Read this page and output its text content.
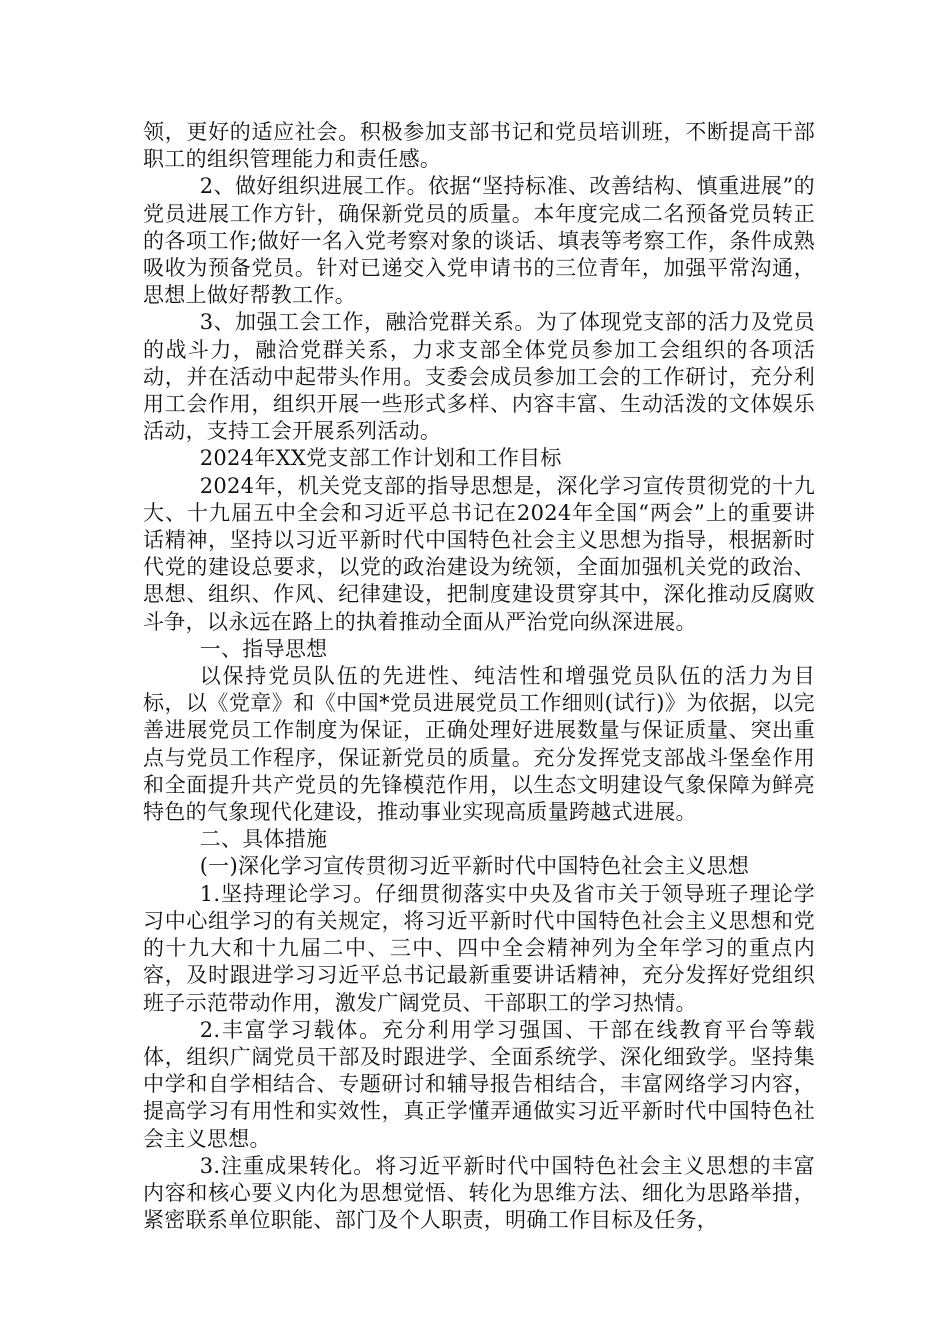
领，更好的适应社会。积极参加支部书记和党员培训班，不断提高干部职工的组织管理能力和责任感。

2、做好组织进展工作。依据“坚持标准、改善结构、慎重进展”的党员进展工作方针，确保新党员的质量。本年度完成二名预备党员转正的各项工作;做好一名入党考察对象的谈话、填表等考察工作，条件成熟吸收为预备党员。针对已递交入党申请书的三位青年，加强平常沟通，思想上做好帮教工作。

3、加强工会工作，融洽党群关系。为了体现党支部的活力及党员的战斗力，融洽党群关系，力求支部全体党员参加工会组织的各项活动，并在活动中起带头作用。支委会成员参加工会的工作研讨，充分利用工会作用，组织开展一些形式多样、内容丰富、生动活泼的文体娱乐活动，支持工会开展系列活动。

2024年XX党支部工作计划和工作目标

2024年，机关党支部的指导思想是，深化学习宣传贯彻党的十九大、十九届五中全会和习近平总书记在2024年全国“两会”上的重要讲话精神，坚持以习近平新时代中国特色社会主义思想为指导，根据新时代党的建设总要求，以党的政治建设为统领，全面加强机关党的政治、思想、组织、作风、纪律建设，把制度建设贯穿其中，深化推动反腐败斗争，以永远在路上的执着推动全面从严治党向纵深进展。

一、指导思想

以保持党员队伍的先进性、纯洁性和增强党员队伍的活力为目标，以《党章》和《中国*党员进展党员工作细则(试行)》为依据，以完善进展党员工作制度为保证，正确处理好进展数量与保证质量、突出重点与党员工作程序，保证新党员的质量。充分发挥党支部战斗堡垒作用和全面提升共产党员的先锋模范作用，以生态文明建设气象保障为鲜亮特色的气象现代化建设，推动事业实现高质量跨越式进展。

二、具体措施

(一)深化学习宣传贯彻习近平新时代中国特色社会主义思想

1.坚持理论学习。仔细贯彻落实中央及省市关于领导班子理论学习中心组学习的有关规定，将习近平新时代中国特色社会主义思想和党的十九大和十九届二中、三中、四中全会精神列为全年学习的重点内容，及时跟进学习习近平总书记最新重要讲话精神，充分发挥好党组织班子示范带动作用，激发广阔党员、干部职工的学习热情。

2.丰富学习载体。充分利用学习强国、干部在线教育平台等载体，组织广阔党员干部及时跟进学、全面系统学、深化细致学。坚持集中学和自学相结合、专题研讨和辅导报告相结合，丰富网络学习内容，提高学习有用性和实效性，真正学懂弄通做实习近平新时代中国特色社会主义思想。

3.注重成果转化。将习近平新时代中国特色社会主义思想的丰富内容和核心要义内化为思想觉悟、转化为思维方法、细化为思路举措，紧密联系单位职能、部门及个人职责，明确工作目标及任务，
